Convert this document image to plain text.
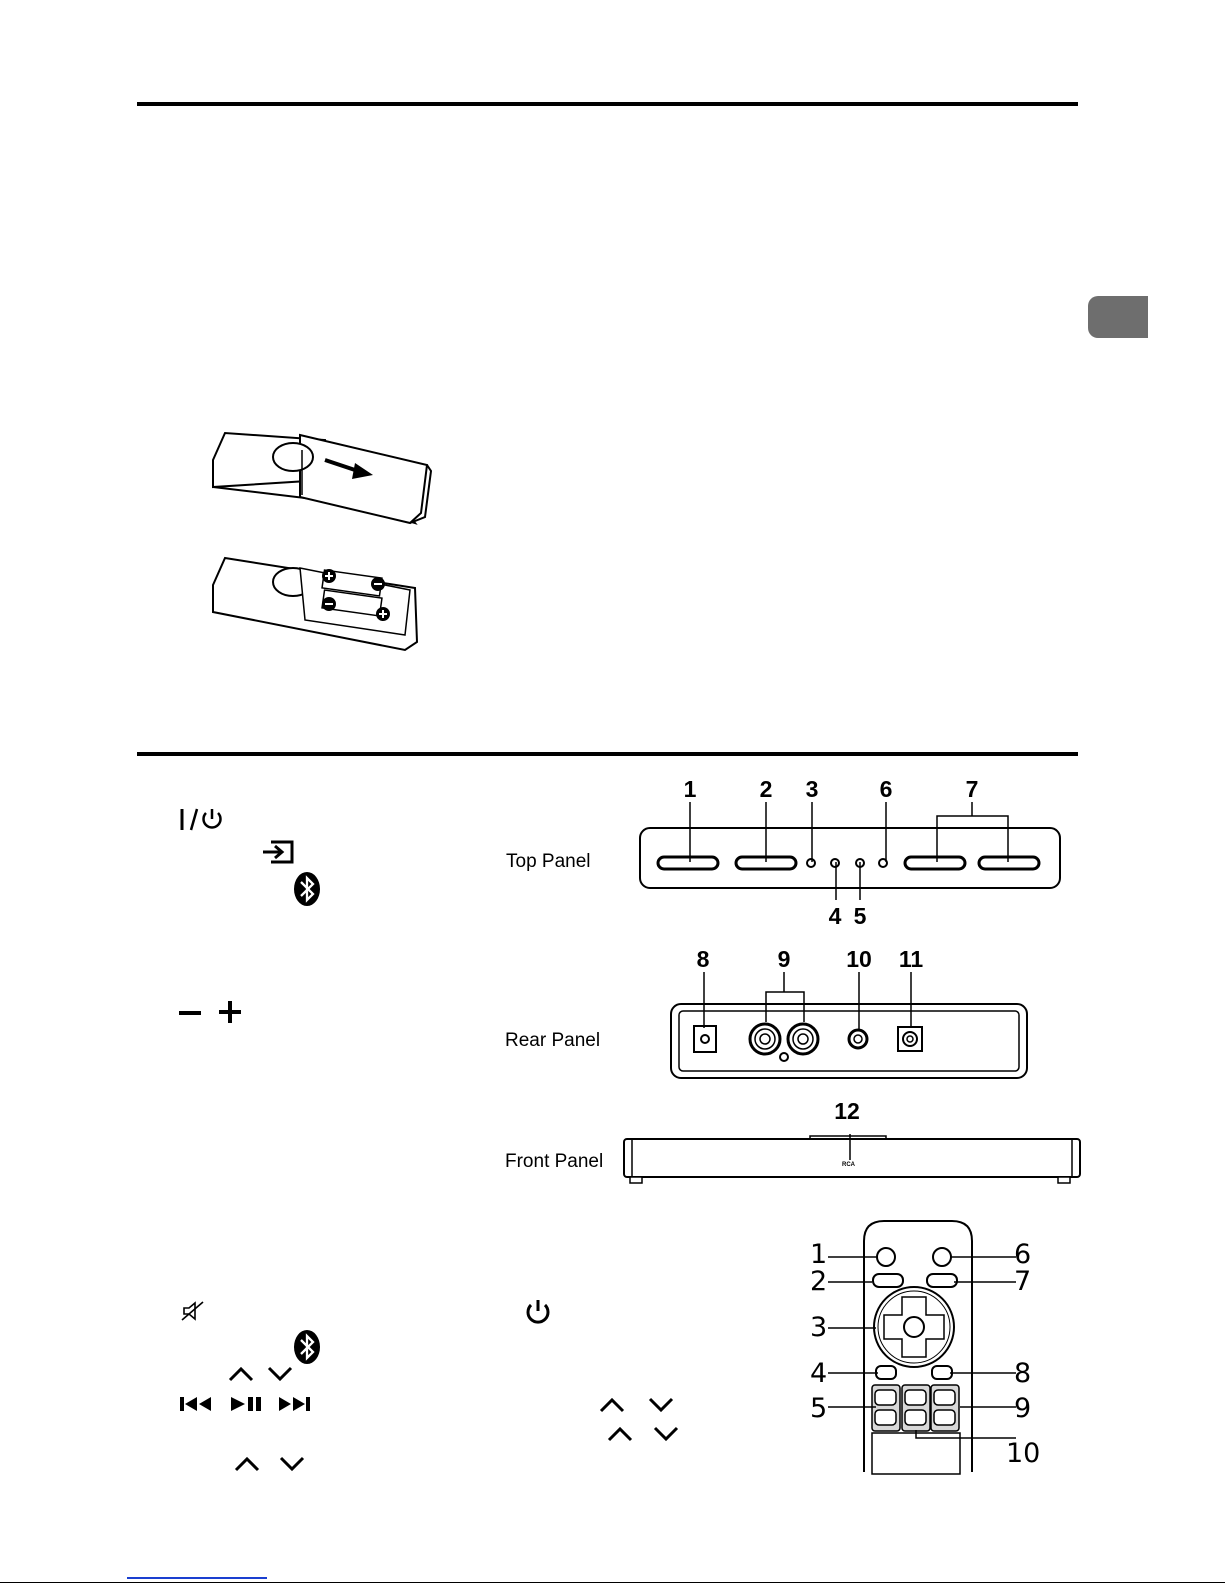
Top Panel
1	2	3	6	7
4 5
Rear Panel
8	9	10	11
Front Panel	RCA
12
1
2
3
4
5
6
7
8
9
10
